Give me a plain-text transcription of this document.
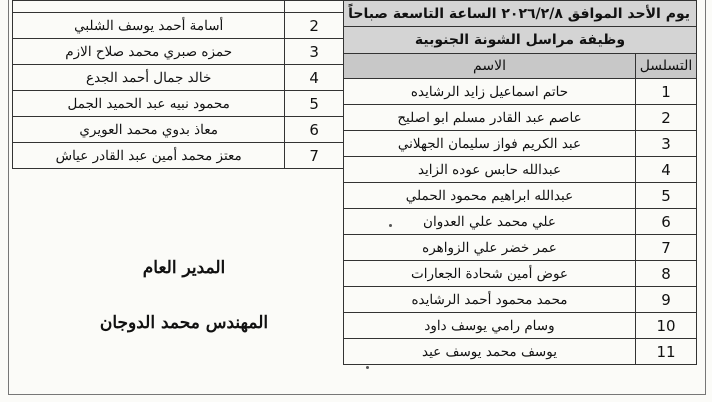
2	أسامة أحمد يوسف الشلبي
3	حمزه صبري محمد صلاح الازم
4	خالد جمال أحمد الجدع
5	محمود نبيه عبد الحميد الجمل
6	معاذ بدوي محمد العويري
7	معتز محمد أمين عبد القادر عياش
يوم الأحد الموافق ٢٠٢٦/٢/٨ الساعة التاسعة صباحاً	
وظيفة مراسل الشونة الجنوبية	
التسلسل	الاسم
1	حاتم اسماعيل زايد الرشايده
2	عاصم عبد القادر مسلم ابو اصليح
3	عبد الكريم فواز سليمان الجهلاني
4	عبدالله حابس عوده الزايد
5	عبدالله ابراهيم محمود الحملي
6	علي محمد علي العدوان
7	عمر خضر علي الزواهره
8	عوض أمين شحادة الجعارات
9	محمد محمود أحمد الرشايده
10	وسام رامي يوسف داود
11	يوسف محمد يوسف عيد
المدير العام
المهندس محمد الدوجان
